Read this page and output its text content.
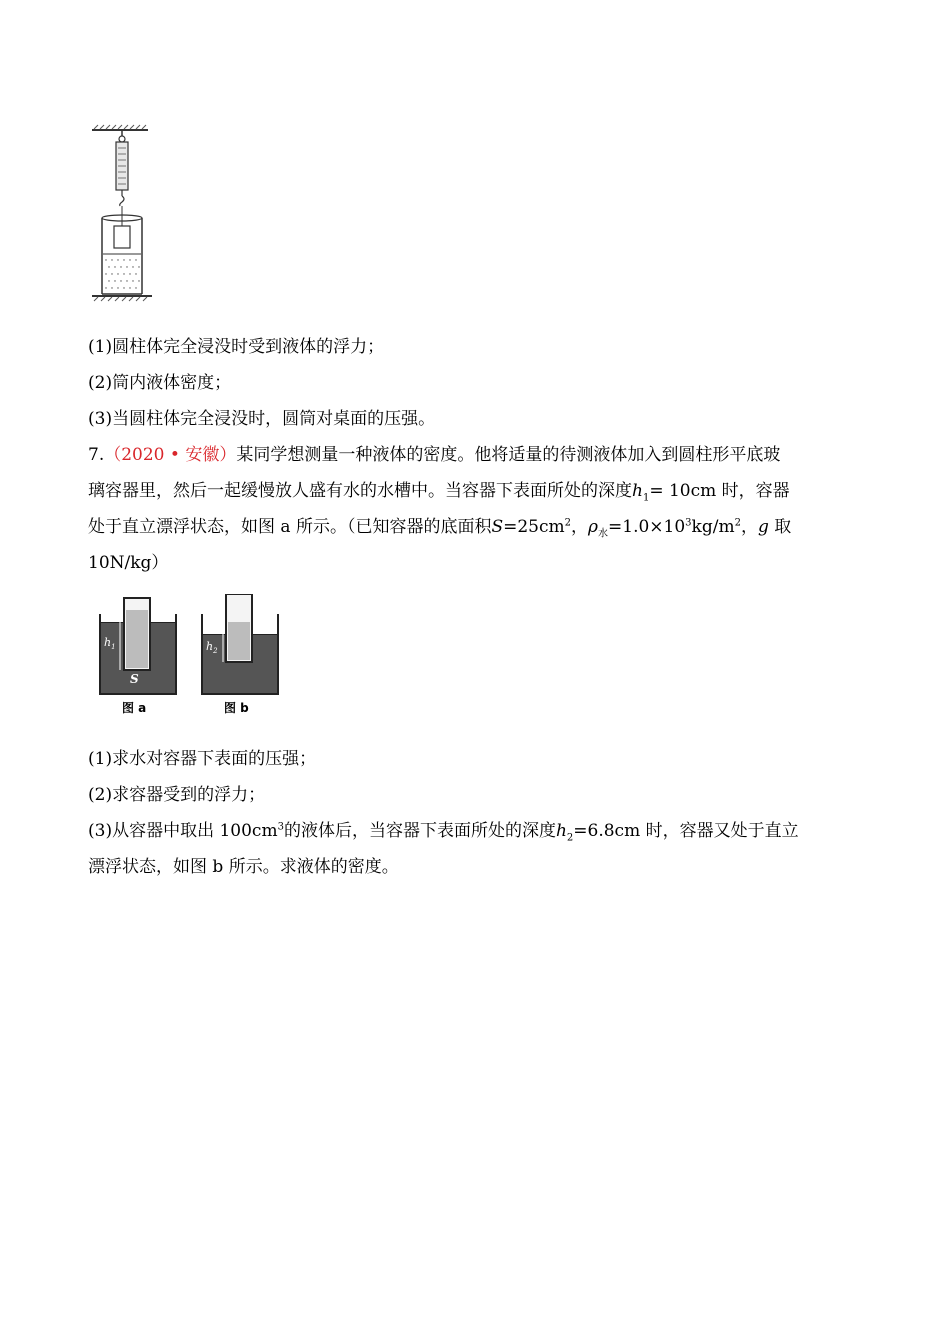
(1)圆柱体完全浸没时受到液体的浮力；
(2)筒内液体密度；
(3)当圆柱体完全浸没时，圆筒对桌面的压强。
7.（2020 • 安徽）某同学想测量一种液体的密度。他将适量的待测液体加入到圆柱形平底玻
璃容器里，然后一起缓慢放人盛有水的水槽中。当容器下表面所处的深度$h_1= 10cm$ 时，容器
处于直立漂浮状态，如图 a 所示。（已知容器的底面积$S=25cm^2$，$\rho_水=1.0\times 10^3kg/m^2$，g 取
10N/kg）
$h_1$
S
图 a
$h_2$
图 b
(1)求水对容器下表面的压强；
(2)求容器受到的浮力；
(3)从容器中取出 $100cm^3$的液体后，当容器下表面所处的深度$h_2=6.8cm$ 时，容器又处于直立
漂浮状态，如图 b 所示。求液体的密度。
